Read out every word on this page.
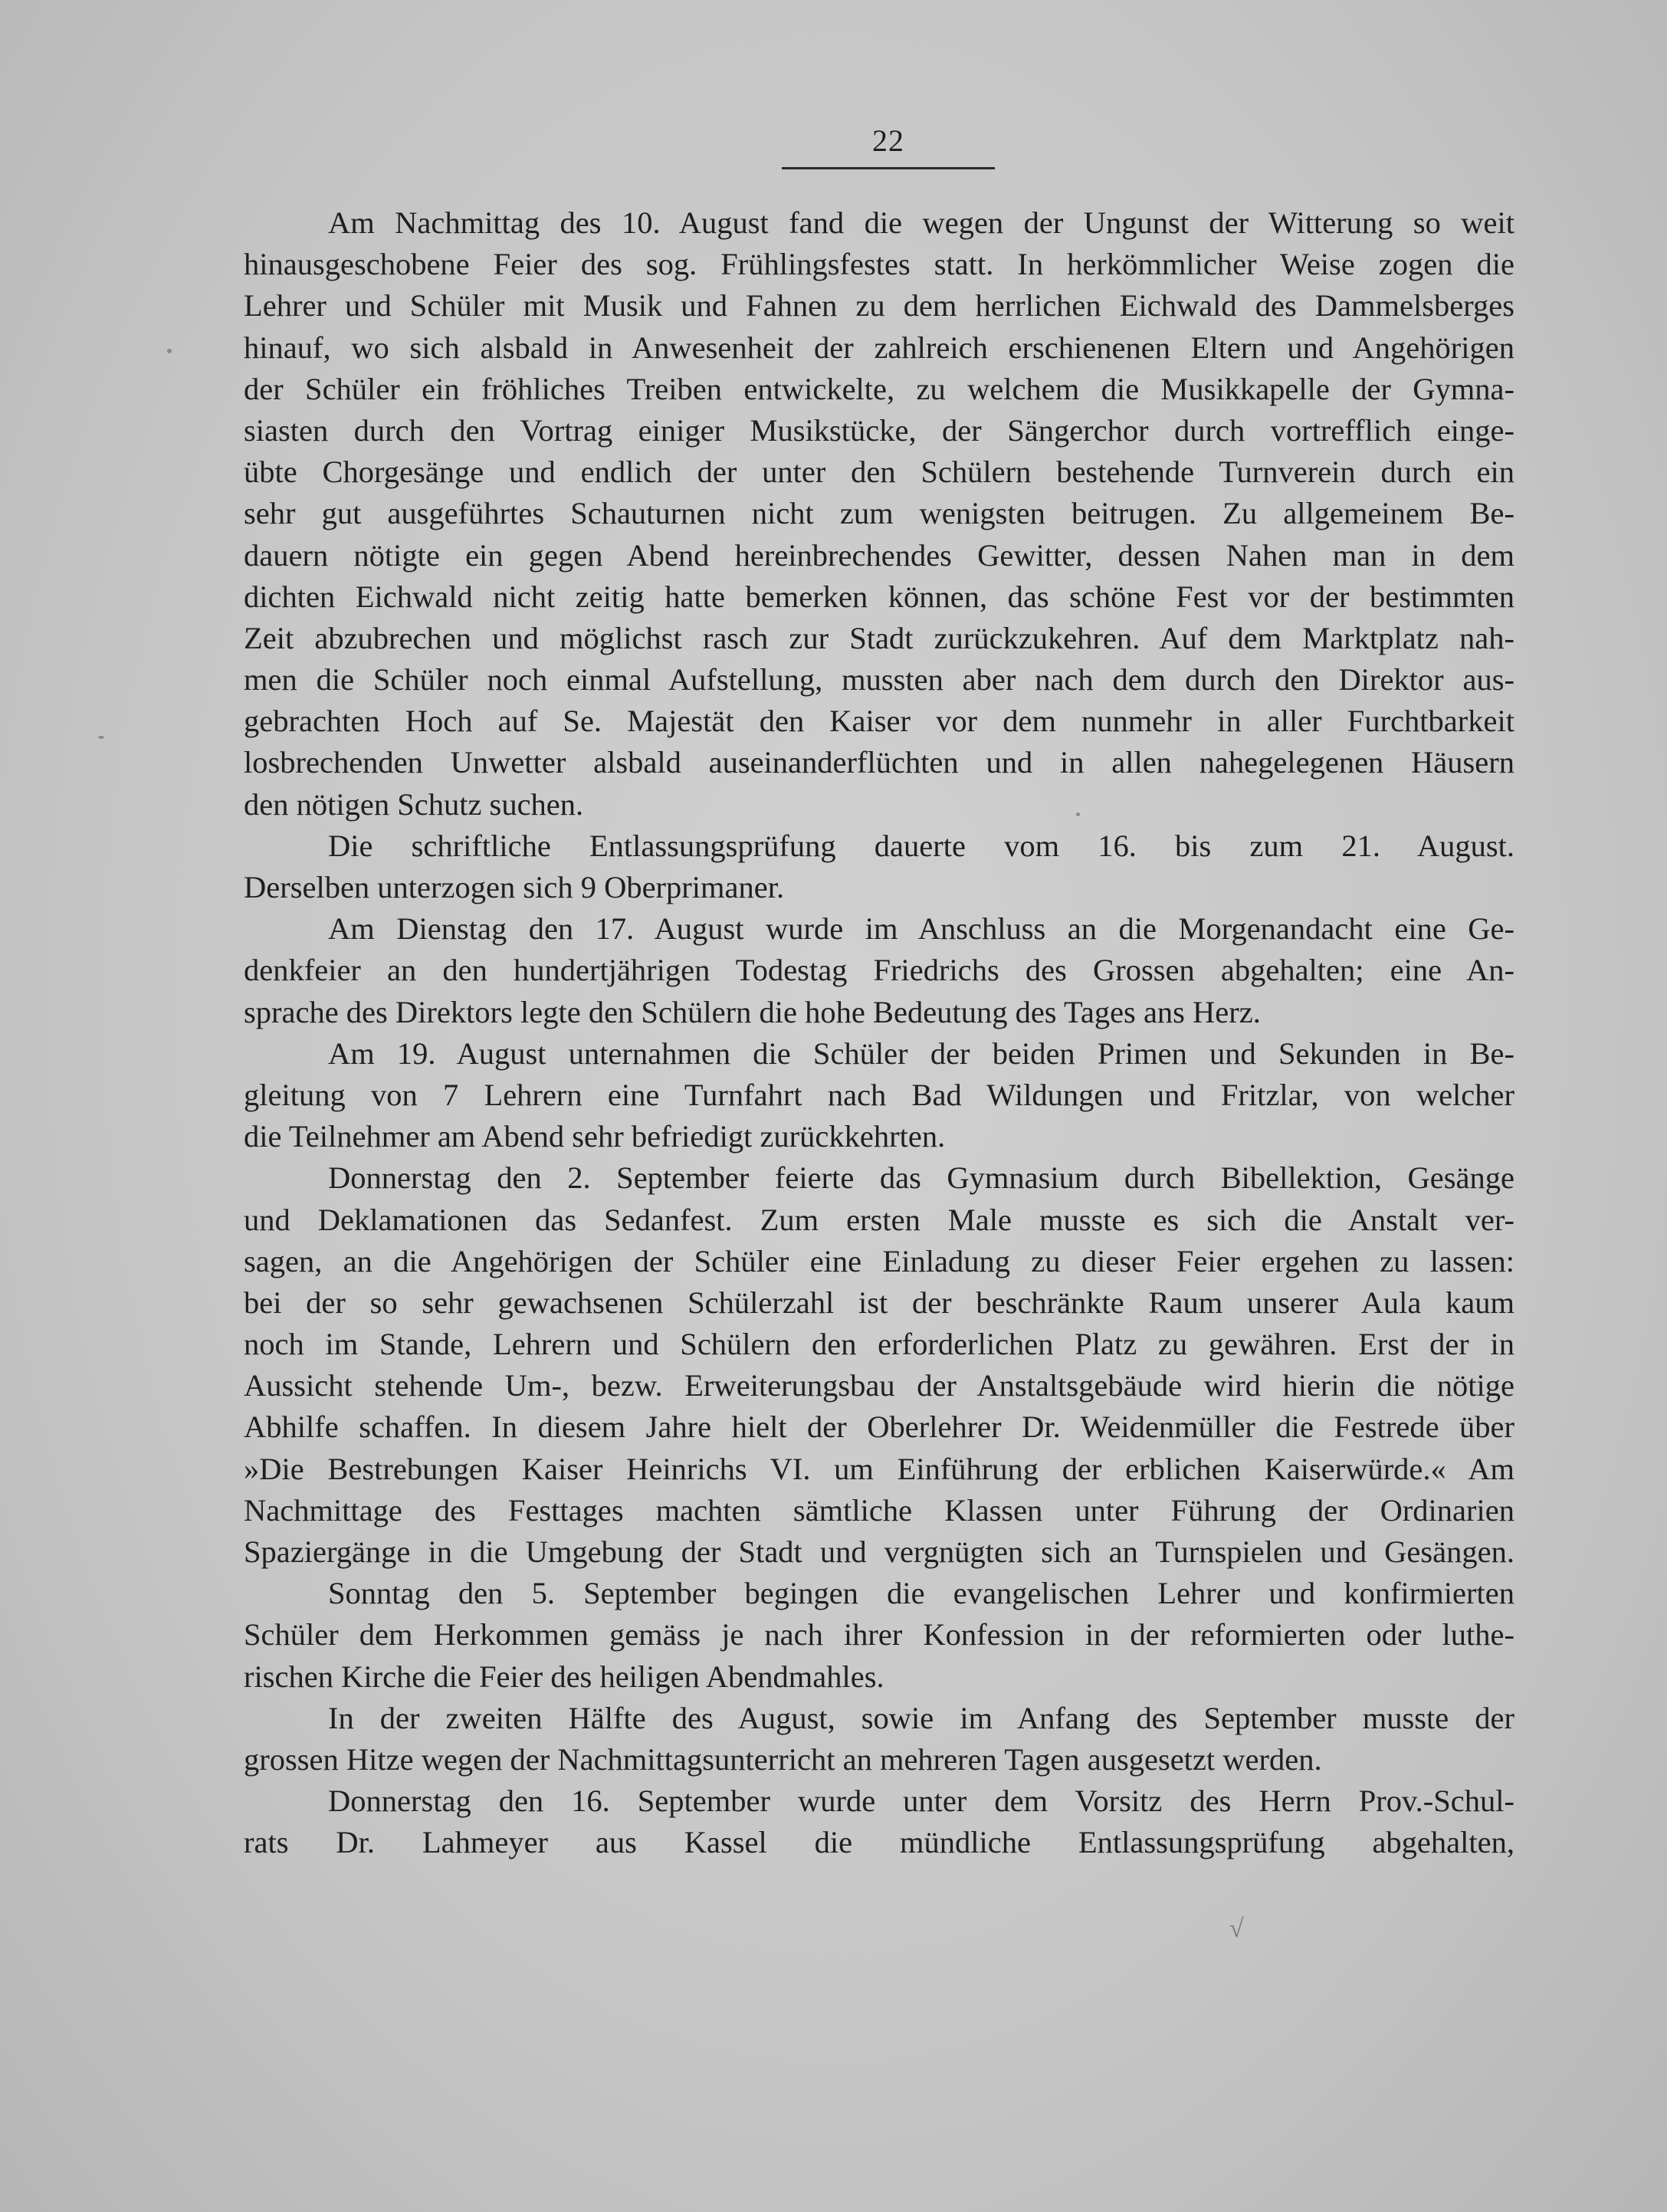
22
Am Nachmittag des 10. August fand die wegen der Ungunst der Witterung so weit
hinausgeschobene Feier des sog. Frühlingsfestes statt. In herkömmlicher Weise zogen die
Lehrer und Schüler mit Musik und Fahnen zu dem herrlichen Eichwald des Dammelsberges
hinauf, wo sich alsbald in Anwesenheit der zahlreich erschienenen Eltern und Angehörigen
der Schüler ein fröhliches Treiben entwickelte, zu welchem die Musikkapelle der Gymna-
siasten durch den Vortrag einiger Musikstücke, der Sängerchor durch vortrefflich einge-
übte Chorgesänge und endlich der unter den Schülern bestehende Turnverein durch ein
sehr gut ausgeführtes Schauturnen nicht zum wenigsten beitrugen. Zu allgemeinem Be-
dauern nötigte ein gegen Abend hereinbrechendes Gewitter, dessen Nahen man in dem
dichten Eichwald nicht zeitig hatte bemerken können, das schöne Fest vor der bestimmten
Zeit abzubrechen und möglichst rasch zur Stadt zurückzukehren. Auf dem Marktplatz nah-
men die Schüler noch einmal Aufstellung, mussten aber nach dem durch den Direktor aus-
gebrachten Hoch auf Se. Majestät den Kaiser vor dem nunmehr in aller Furchtbarkeit
losbrechenden Unwetter alsbald auseinanderflüchten und in allen nahegelegenen Häusern
den nötigen Schutz suchen.
Die schriftliche Entlassungsprüfung dauerte vom 16. bis zum 21. August.
Derselben unterzogen sich 9 Oberprimaner.
Am Dienstag den 17. August wurde im Anschluss an die Morgenandacht eine Ge-
denkfeier an den hundertjährigen Todestag Friedrichs des Grossen abgehalten; eine An-
sprache des Direktors legte den Schülern die hohe Bedeutung des Tages ans Herz.
Am 19. August unternahmen die Schüler der beiden Primen und Sekunden in Be-
gleitung von 7 Lehrern eine Turnfahrt nach Bad Wildungen und Fritzlar, von welcher
die Teilnehmer am Abend sehr befriedigt zurückkehrten.
Donnerstag den 2. September feierte das Gymnasium durch Bibellektion, Gesänge
und Deklamationen das Sedanfest. Zum ersten Male musste es sich die Anstalt ver-
sagen, an die Angehörigen der Schüler eine Einladung zu dieser Feier ergehen zu lassen:
bei der so sehr gewachsenen Schülerzahl ist der beschränkte Raum unserer Aula kaum
noch im Stande, Lehrern und Schülern den erforderlichen Platz zu gewähren. Erst der in
Aussicht stehende Um-, bezw. Erweiterungsbau der Anstaltsgebäude wird hierin die nötige
Abhilfe schaffen. In diesem Jahre hielt der Oberlehrer Dr. Weidenmüller die Festrede über
»Die Bestrebungen Kaiser Heinrichs VI. um Einführung der erblichen Kaiserwürde.« Am
Nachmittage des Festtages machten sämtliche Klassen unter Führung der Ordinarien
Spaziergänge in die Umgebung der Stadt und vergnügten sich an Turnspielen und Gesängen.
Sonntag den 5. September begingen die evangelischen Lehrer und konfirmierten
Schüler dem Herkommen gemäss je nach ihrer Konfession in der reformierten oder luthe-
rischen Kirche die Feier des heiligen Abendmahles.
In der zweiten Hälfte des August, sowie im Anfang des September musste der
grossen Hitze wegen der Nachmittagsunterricht an mehreren Tagen ausgesetzt werden.
Donnerstag den 16. September wurde unter dem Vorsitz des Herrn Prov.-Schul-
rats Dr. Lahmeyer aus Kassel die mündliche Entlassungsprüfung abgehalten,
√
